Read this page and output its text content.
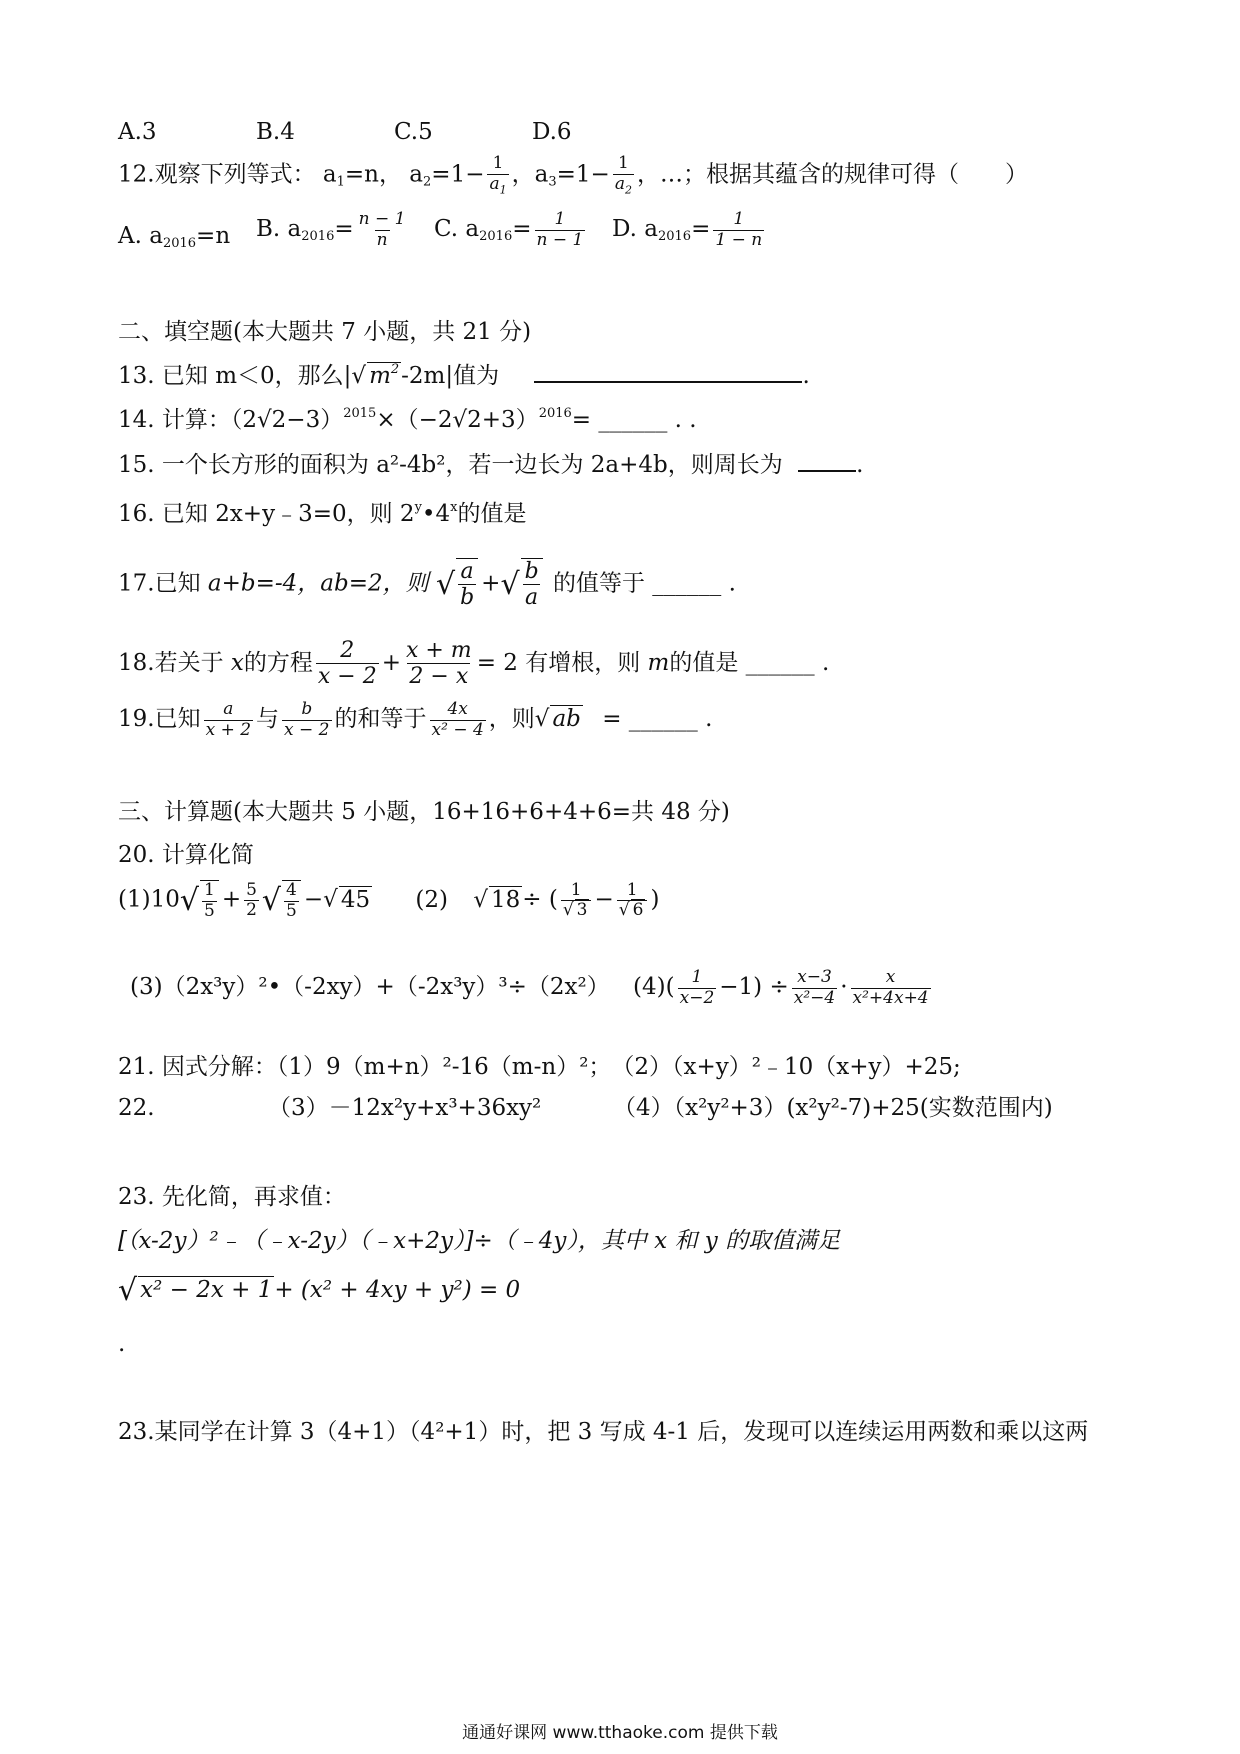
A.3	B.4	C.5	D.6
12.观察下列等式： $a_1=n$， $a_2=1- \frac{1}{a_1}$ ，$a_3=1- \frac{1}{a_2}$ ，…；根据其蕴含的规律可得（　　）
A. $a_{2016}=n$ B. $a_{2016}= \frac{n - 1}{n} C$. $a_{2016}= \frac{1}{n - 1} D$. $a_{2016}= \frac{1}{1 - n}$
二、填空题(本大题共 7 小题，共 21 分)
13. 已知 m＜0，那么|√ $m^2-2m|$值为	.
14. 计算：$(2√2-3)^{2015}\times(-2√2+3)^{2016}=$ ______ . .
15. 一个长方形的面积为 a²-4b²，若一边长为 2a+4b，则周长为	.
16. 已知 2x+y﹣3=0，则 2$^y$•4$^x$的值是
17.已知 a+b=-4，ab=2，则 √ $\frac{a}{b}$ +√ $\frac{b}{a}$ 的值等于 ______ .
18.若关于 x的方程 $\frac{2}{x - 2} + \frac{x + m}{2 - x} = 2$ 有增根，则 m的值是 ______ .
19.已知 $\frac{a}{x + 2}$ 与 $\frac{b}{x - 2}$ 的和等于 $\frac{4x}{\text{x² − 4}}$ ，则√ ab = ______ .
三、计算题(本大题共 5 小题，16+16+6+4+6=共 48 分)
20. 计算化简
$(1)10√ \frac{1}{5} + \frac{5}{2}$ √ $\frac{4}{5}$ −√ 45 (2) √ 18÷ ( $\frac{1}{√ 3} - \frac{1}{√ 6}$ )
(3)（2x³y）²•（-2xy）+（-2x³y）³÷（2x²） $(4)( \frac{1}{x-2} -1) \div \frac{x-3}{\text{x²−4}} \cdot \frac{x}{\text{x²+4x+4}}$
21. 因式分解：（1）9（m+n）²-16（m-n）²；　（2）（x+y）²﹣10（x+y）+25;
22.	（3）－12x²y+x³+36xy²	（4）（x²y²+3）(x²y²-7)+25(实数范围内)
23. 先化简，再求值：
[（x-2y）²﹣（﹣x-2y）（﹣x+2y）]÷（﹣4y），其中 x 和 y 的取值满足
√ x² − 2x + 1+ (x² + 4xy + y²) = 0
.
23.某同学在计算 3（4+1）（4²+1）时，把 3 写成 4-1 后，发现可以连续运用两数和乘以这两
通通好课网 www.tthaoke.com 提供下载
